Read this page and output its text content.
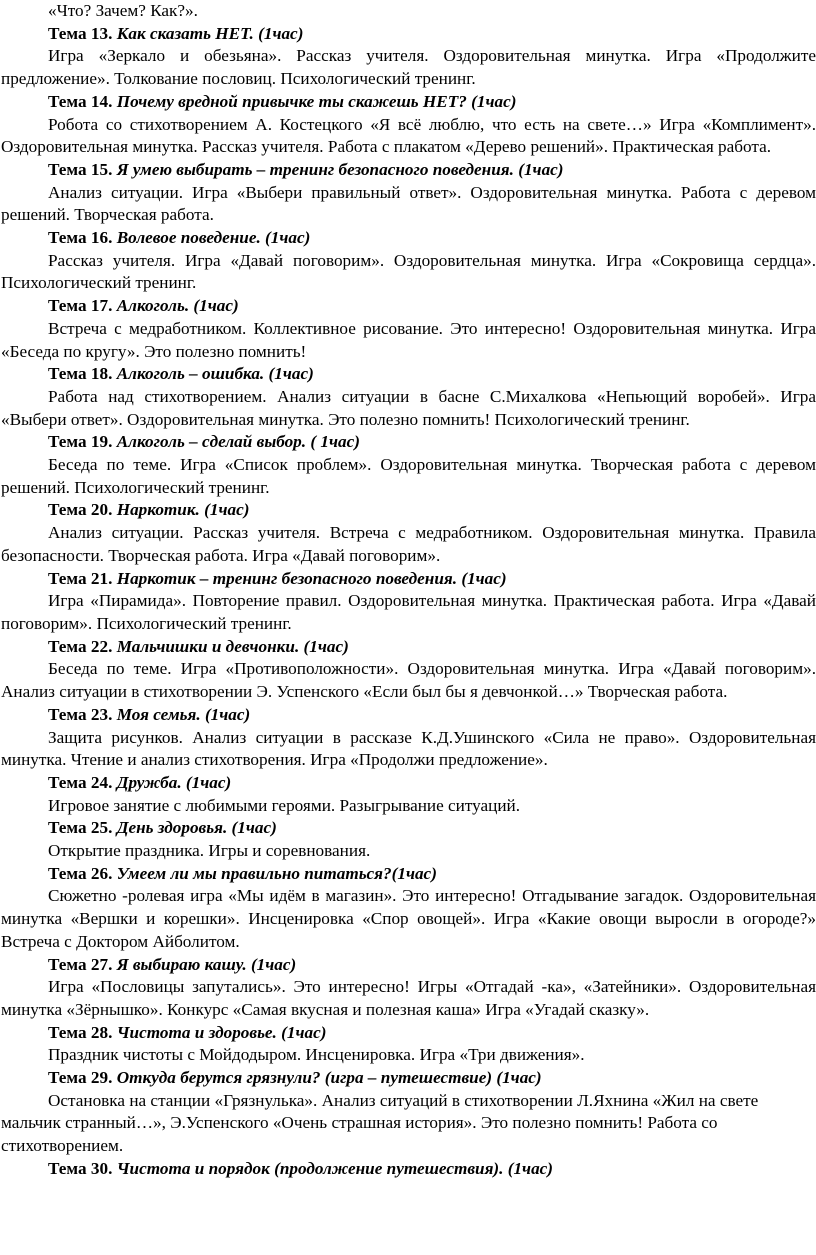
«Что? Зачем? Как?».

Тема 13. Как сказать НЕТ. (1час)

Игра «Зеркало и обезьяна». Рассказ учителя. Оздоровительная минутка. Игра «Продолжите предложение». Толкование пословиц. Психологический тренинг.

Тема 14. Почему вредной привычке ты скажешь НЕТ? (1час)

Робота со стихотворением А. Костецкого «Я всё люблю, что есть на свете…» Игра «Комплимент». Оздоровительная минутка. Рассказ учителя. Работа с плакатом «Дерево решений». Практическая работа.

Тема 15. Я умею выбирать – тренинг безопасного поведения. (1час)

Анализ ситуации. Игра «Выбери правильный ответ». Оздоровительная минутка. Работа с деревом решений. Творческая работа.

Тема 16. Волевое поведение. (1час)

Рассказ учителя. Игра «Давай поговорим». Оздоровительная минутка. Игра «Сокровища сердца». Психологический тренинг.

Тема 17. Алкоголь. (1час)

Встреча с медработником. Коллективное рисование. Это интересно! Оздоровительная минутка. Игра «Беседа по кругу». Это полезно помнить!

Тема 18. Алкоголь – ошибка. (1час)

Работа над стихотворением. Анализ ситуации в басне С.Михалкова «Непьющий воробей». Игра «Выбери ответ». Оздоровительная минутка. Это полезно помнить! Психологический тренинг.

Тема 19. Алкоголь – сделай выбор. ( 1час)

Беседа по теме. Игра «Список проблем». Оздоровительная минутка. Творческая работа с деревом решений. Психологический тренинг.

Тема 20. Наркотик. (1час)

Анализ ситуации. Рассказ учителя. Встреча с медработником. Оздоровительная минутка. Правила безопасности. Творческая работа. Игра «Давай поговорим».

Тема 21. Наркотик – тренинг безопасного поведения. (1час)

Игра «Пирамида». Повторение правил. Оздоровительная минутка. Практическая работа. Игра «Давай поговорим». Психологический тренинг.

Тема 22. Мальчишки и девчонки. (1час)

Беседа по теме. Игра «Противоположности». Оздоровительная минутка. Игра «Давай поговорим». Анализ ситуации в стихотворении Э. Успенского «Если был бы я девчонкой…» Творческая работа.

Тема 23. Моя семья. (1час)

Защита рисунков. Анализ ситуации в рассказе К.Д.Ушинского «Сила не право». Оздоровительная минутка. Чтение и анализ стихотворения. Игра «Продолжи предложение».

Тема 24. Дружба. (1час)

Игровое занятие с любимыми героями. Разыгрывание ситуаций.

Тема 25. День здоровья. (1час)

Открытие праздника. Игры и соревнования.

Тема 26. Умеем ли мы правильно питаться?(1час)

Сюжетно -ролевая игра «Мы идём в магазин». Это интересно! Отгадывание загадок. Оздоровительная минутка «Вершки и корешки». Инсценировка «Спор овощей». Игра «Какие овощи выросли в огороде?» Встреча с Доктором Айболитом.

Тема 27. Я выбираю кашу. (1час)

Игра «Пословицы запутались». Это интересно! Игры «Отгадай -ка», «Затейники». Оздоровительная минутка «Зёрнышко». Конкурс «Самая вкусная и полезная каша» Игра «Угадай сказку».

Тема 28. Чистота и здоровье. (1час)

Праздник чистоты с Мойдодыром. Инсценировка. Игра «Три движения».

Тема 29. Откуда берутся грязнули? (игра – путешествие) (1час)

Остановка на станции «Грязнулька». Анализ ситуаций в стихотворении Л.Яхнина «Жил на свете мальчик странный…», Э.Успенского «Очень страшная история». Это полезно помнить! Работа со стихотворением.

Тема 30. Чистота и порядок (продолжение путешествия). (1час)
